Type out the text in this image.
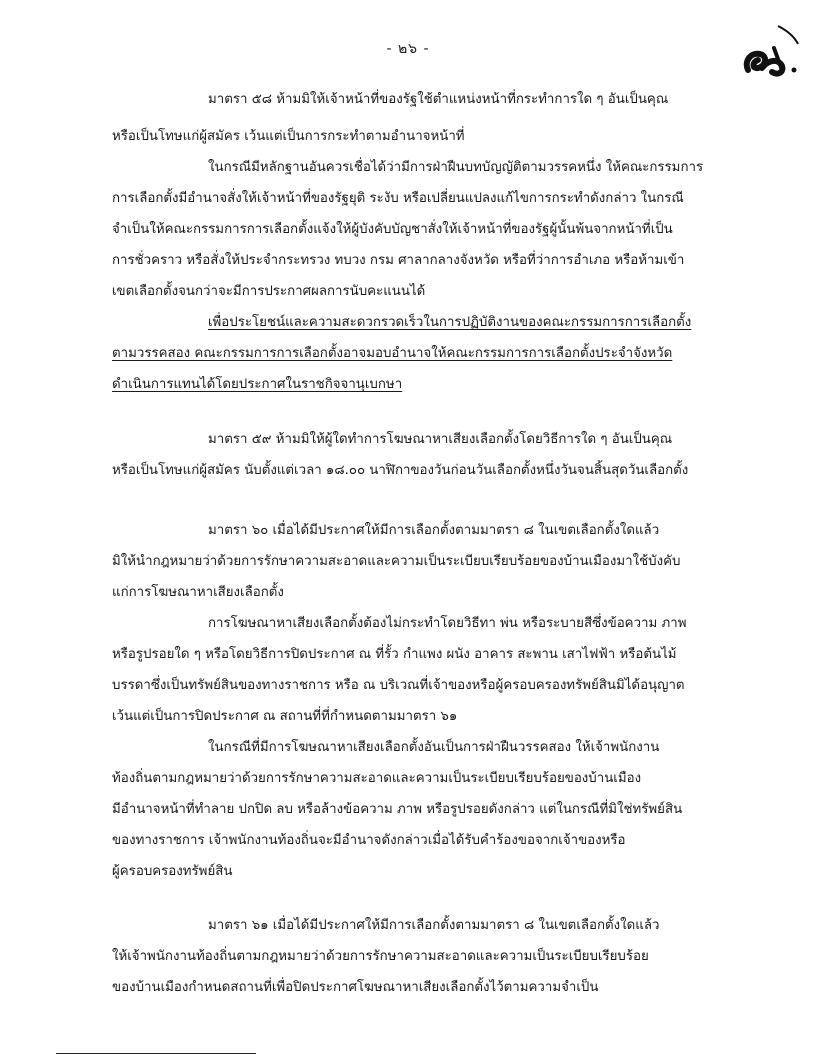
- ๒๖ -
มาตรา ๕๘ ห้ามมิให้เจ้าหน้าที่ของรัฐใช้ตำแหน่งหน้าที่กระทำการใด ๆ อันเป็นคุณ
หรือเป็นโทษแก่ผู้สมัคร เว้นแต่เป็นการกระทำตามอำนาจหน้าที่
ในกรณีมีหลักฐานอันควรเชื่อได้ว่ามีการฝ่าฝืนบทบัญญัติตามวรรคหนึ่ง ให้คณะกรรมการ
การเลือกตั้งมีอำนาจสั่งให้เจ้าหน้าที่ของรัฐยุติ ระงับ หรือเปลี่ยนแปลงแก้ไขการกระทำดังกล่าว ในกรณี
จำเป็นให้คณะกรรมการการเลือกตั้งแจ้งให้ผู้บังคับบัญชาสั่งให้เจ้าหน้าที่ของรัฐผู้นั้นพ้นจากหน้าที่เป็น
การชั่วคราว หรือสั่งให้ประจำกระทรวง ทบวง กรม ศาลากลางจังหวัด หรือที่ว่าการอำเภอ หรือห้ามเข้า
เขตเลือกตั้งจนกว่าจะมีการประกาศผลการนับคะแนนได้
เพื่อประโยชน์และความสะดวกรวดเร็วในการปฏิบัติงานของคณะกรรมการการเลือกตั้ง
ตามวรรคสอง คณะกรรมการการเลือกตั้งอาจมอบอำนาจให้คณะกรรมการการเลือกตั้งประจำจังหวัด
ดำเนินการแทนได้โดยประกาศในราชกิจจานุเบกษา
มาตรา ๕๙ ห้ามมิให้ผู้ใดทำการโฆษณาหาเสียงเลือกตั้งโดยวิธีการใด ๆ อันเป็นคุณ
หรือเป็นโทษแก่ผู้สมัคร นับตั้งแต่เวลา ๑๘.๐๐ นาฬิกาของวันก่อนวันเลือกตั้งหนึ่งวันจนสิ้นสุดวันเลือกตั้ง
มาตรา ๖๐ เมื่อได้มีประกาศให้มีการเลือกตั้งตามมาตรา ๘ ในเขตเลือกตั้งใดแล้ว
มิให้นำกฎหมายว่าด้วยการรักษาความสะอาดและความเป็นระเบียบเรียบร้อยของบ้านเมืองมาใช้บังคับ
แก่การโฆษณาหาเสียงเลือกตั้ง
การโฆษณาหาเสียงเลือกตั้งต้องไม่กระทำโดยวิธีทา พ่น หรือระบายสีซึ่งข้อความ ภาพ
หรือรูปรอยใด ๆ หรือโดยวิธีการปิดประกาศ ณ ที่รั้ว กำแพง ผนัง อาคาร สะพาน เสาไฟฟ้า หรือต้นไม้
บรรดาซึ่งเป็นทรัพย์สินของทางราชการ หรือ ณ บริเวณที่เจ้าของหรือผู้ครอบครองทรัพย์สินมิได้อนุญาต
เว้นแต่เป็นการปิดประกาศ ณ สถานที่ที่กำหนดตามมาตรา ๖๑
ในกรณีที่มีการโฆษณาหาเสียงเลือกตั้งอันเป็นการฝ่าฝืนวรรคสอง ให้เจ้าพนักงาน
ท้องถิ่นตามกฎหมายว่าด้วยการรักษาความสะอาดและความเป็นระเบียบเรียบร้อยของบ้านเมือง
มีอำนาจหน้าที่ทำลาย ปกปิด ลบ หรือล้างข้อความ ภาพ หรือรูปรอยดังกล่าว แต่ในกรณีที่มิใช่ทรัพย์สิน
ของทางราชการ เจ้าพนักงานท้องถิ่นจะมีอำนาจดังกล่าวเมื่อได้รับคำร้องขอจากเจ้าของหรือ
ผู้ครอบครองทรัพย์สิน
มาตรา ๖๑ เมื่อได้มีประกาศให้มีการเลือกตั้งตามมาตรา ๘ ในเขตเลือกตั้งใดแล้ว
ให้เจ้าพนักงานท้องถิ่นตามกฎหมายว่าด้วยการรักษาความสะอาดและความเป็นระเบียบเรียบร้อย
ของบ้านเมืองกำหนดสถานที่เพื่อปิดประกาศโฆษณาหาเสียงเลือกตั้งไว้ตามความจำเป็น
